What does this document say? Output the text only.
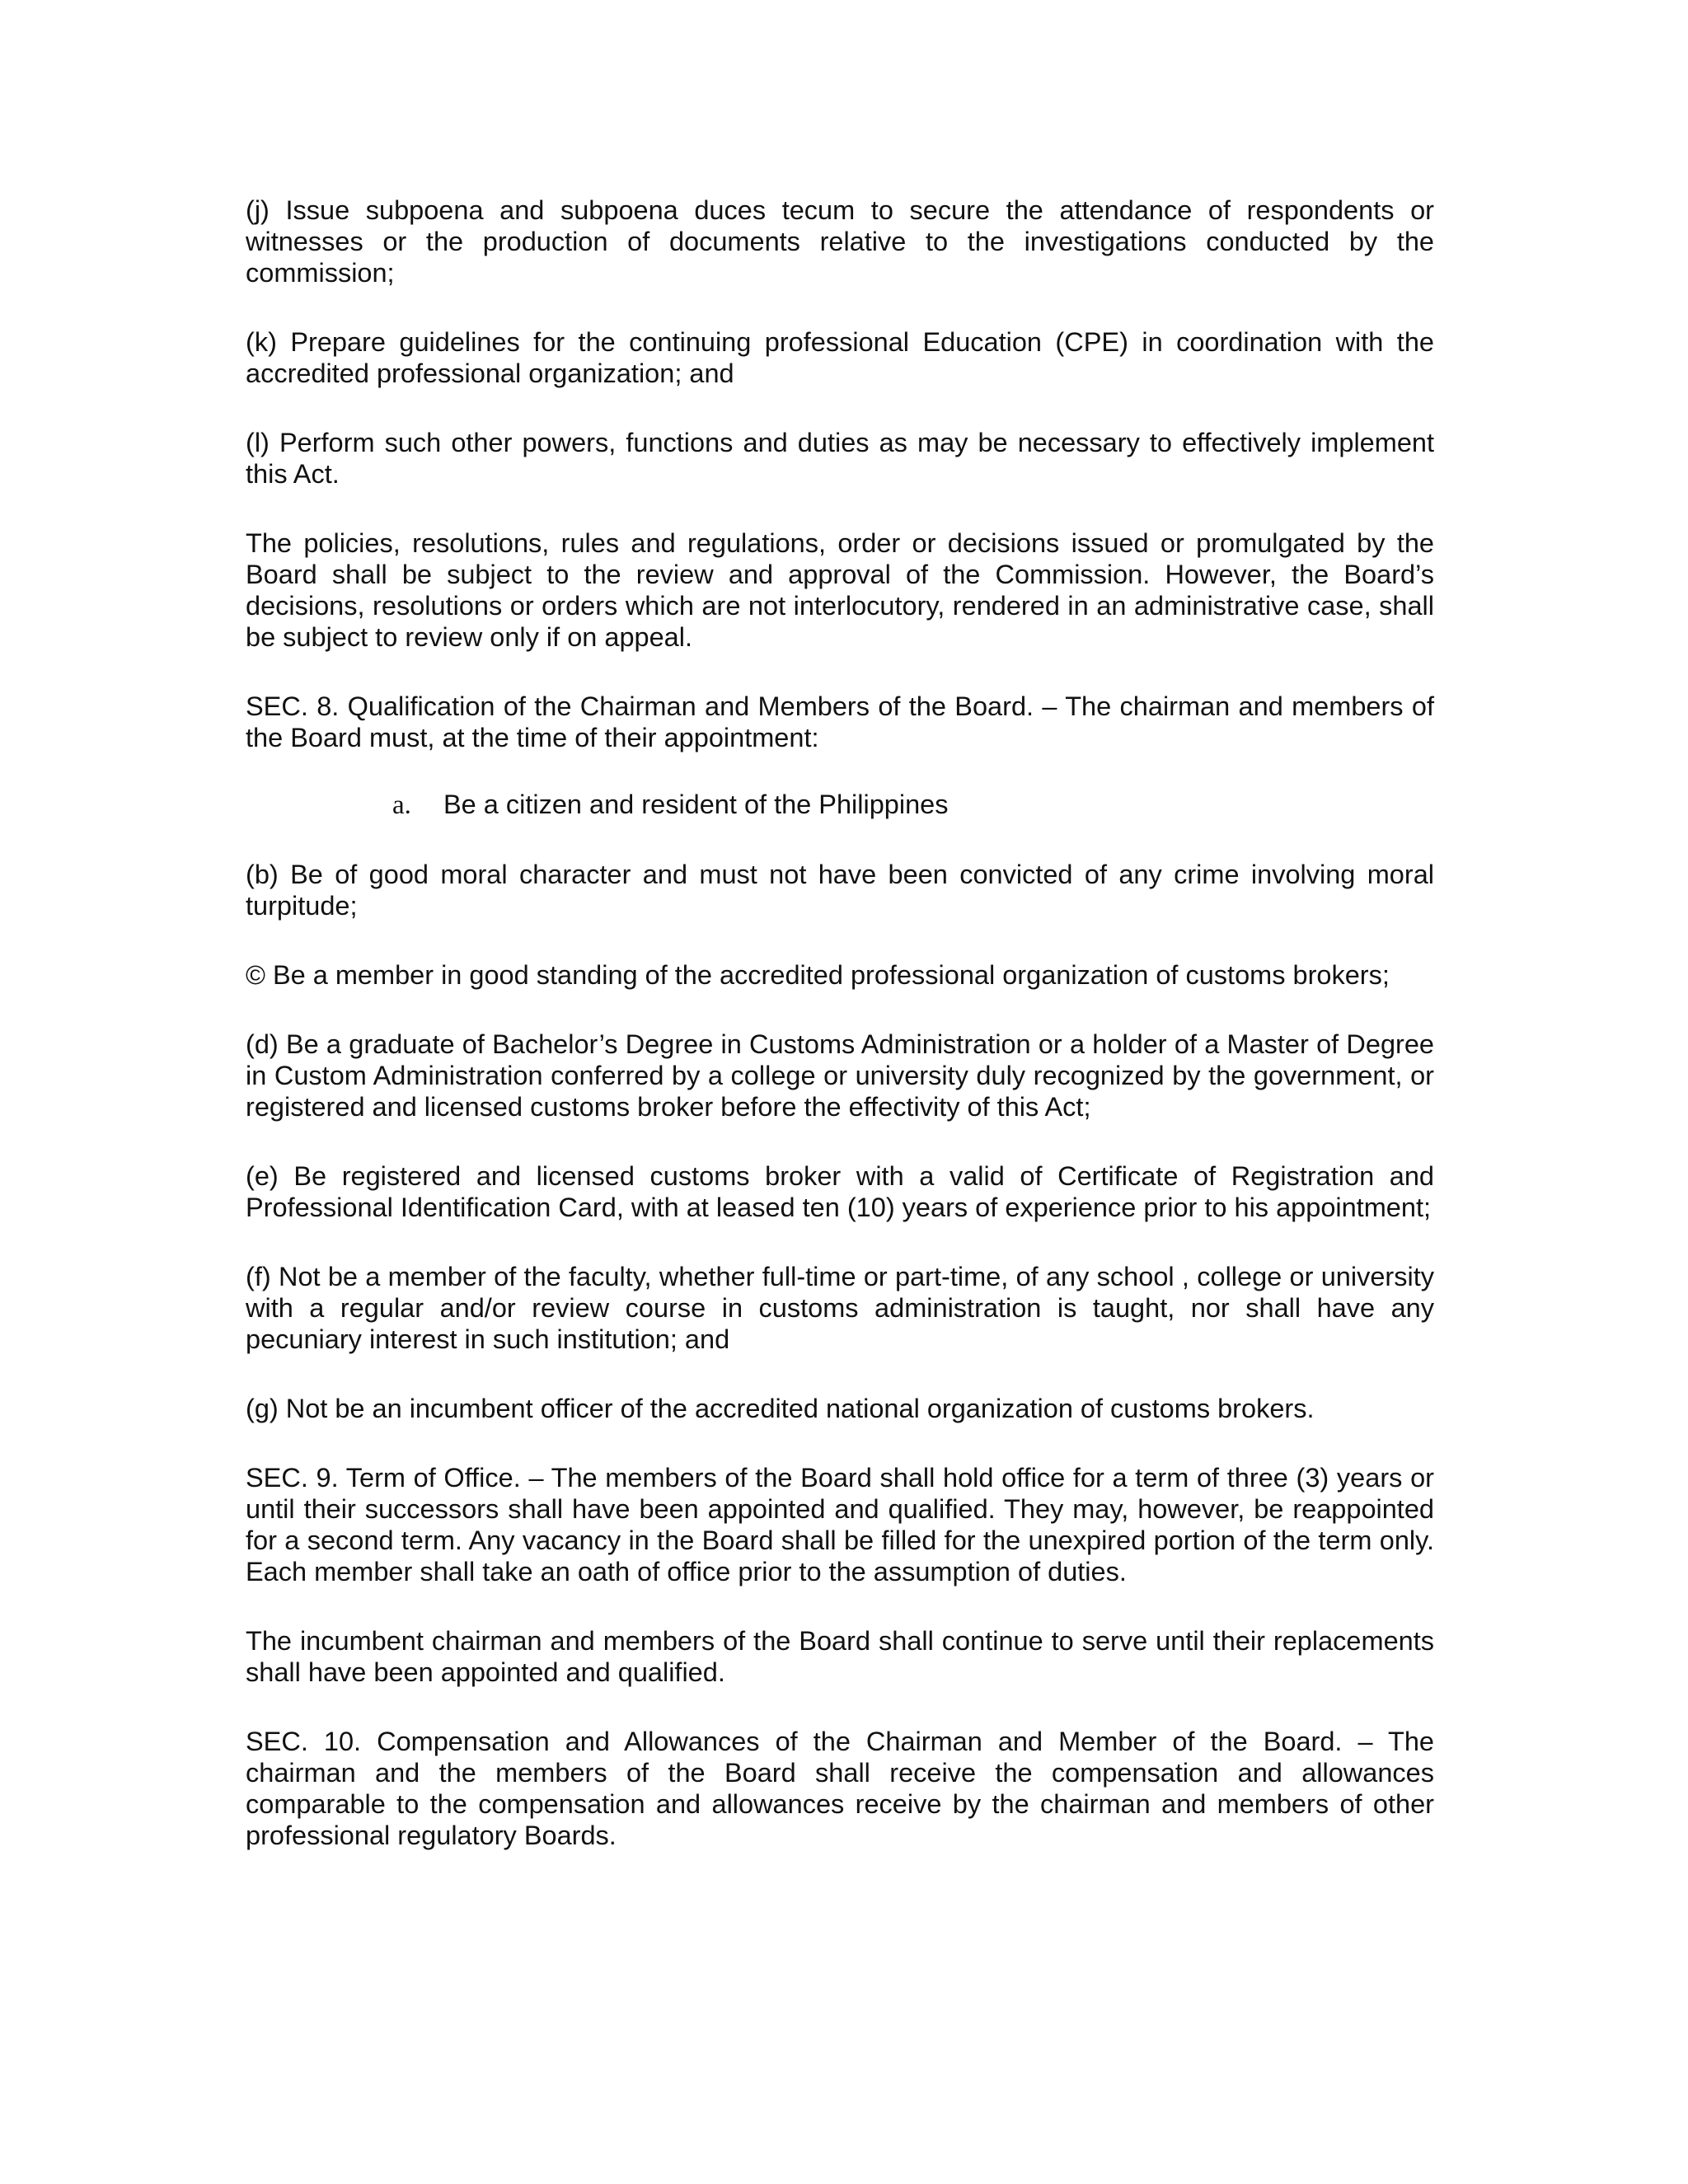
(j) Issue subpoena and subpoena duces tecum to secure the attendance of respondents or witnesses or the production of documents relative to the investigations conducted by the commission;

(k) Prepare guidelines for the continuing professional Education (CPE) in coordination with the accredited professional organization; and

(l) Perform such other powers, functions and duties as may be necessary to effectively implement this Act.

The policies, resolutions, rules and regulations, order or decisions issued or promulgated by the Board shall be subject to the review and approval of the Commission. However, the Board’s decisions, resolutions or orders which are not interlocutory, rendered in an administrative case, shall be subject to review only if on appeal.

SEC. 8. Qualification of the Chairman and Members of the Board. – The chairman and members of the Board must, at the time of their appointment:

a.	Be a citizen and resident of the Philippines

(b) Be of good moral character and must not have been convicted of any crime involving moral turpitude;

© Be a member in good standing of the accredited professional organization of customs brokers;

(d) Be a graduate of Bachelor’s Degree in Customs Administration or a holder of a Master of Degree in Custom Administration conferred by a college or university duly recognized by the government, or registered and licensed customs broker before the effectivity of this Act;

(e) Be registered and licensed customs broker with a valid of Certificate of Registration and Professional Identification Card, with at leased ten (10) years of experience prior to his appointment;

(f) Not be a member of the faculty, whether full-time or part-time, of any school , college or university with a regular and/or review course in customs administration is taught, nor shall have any pecuniary interest in such institution; and

(g) Not be an incumbent officer of the accredited national organization of customs brokers.

SEC. 9. Term of Office. – The members of the Board shall hold office for a term of three (3) years or until their successors shall have been appointed and qualified. They may, however, be reappointed for a second term. Any vacancy in the Board shall be filled for the unexpired portion of the term only. Each member shall take an oath of office prior to the assumption of duties.

The incumbent chairman and members of the Board shall continue to serve until their replacements shall have been appointed and qualified.

SEC. 10. Compensation and Allowances of the Chairman and Member of the Board. – The chairman and the members of the Board shall receive the compensation and allowances comparable to the compensation and allowances receive by the chairman and members of other professional regulatory Boards.
